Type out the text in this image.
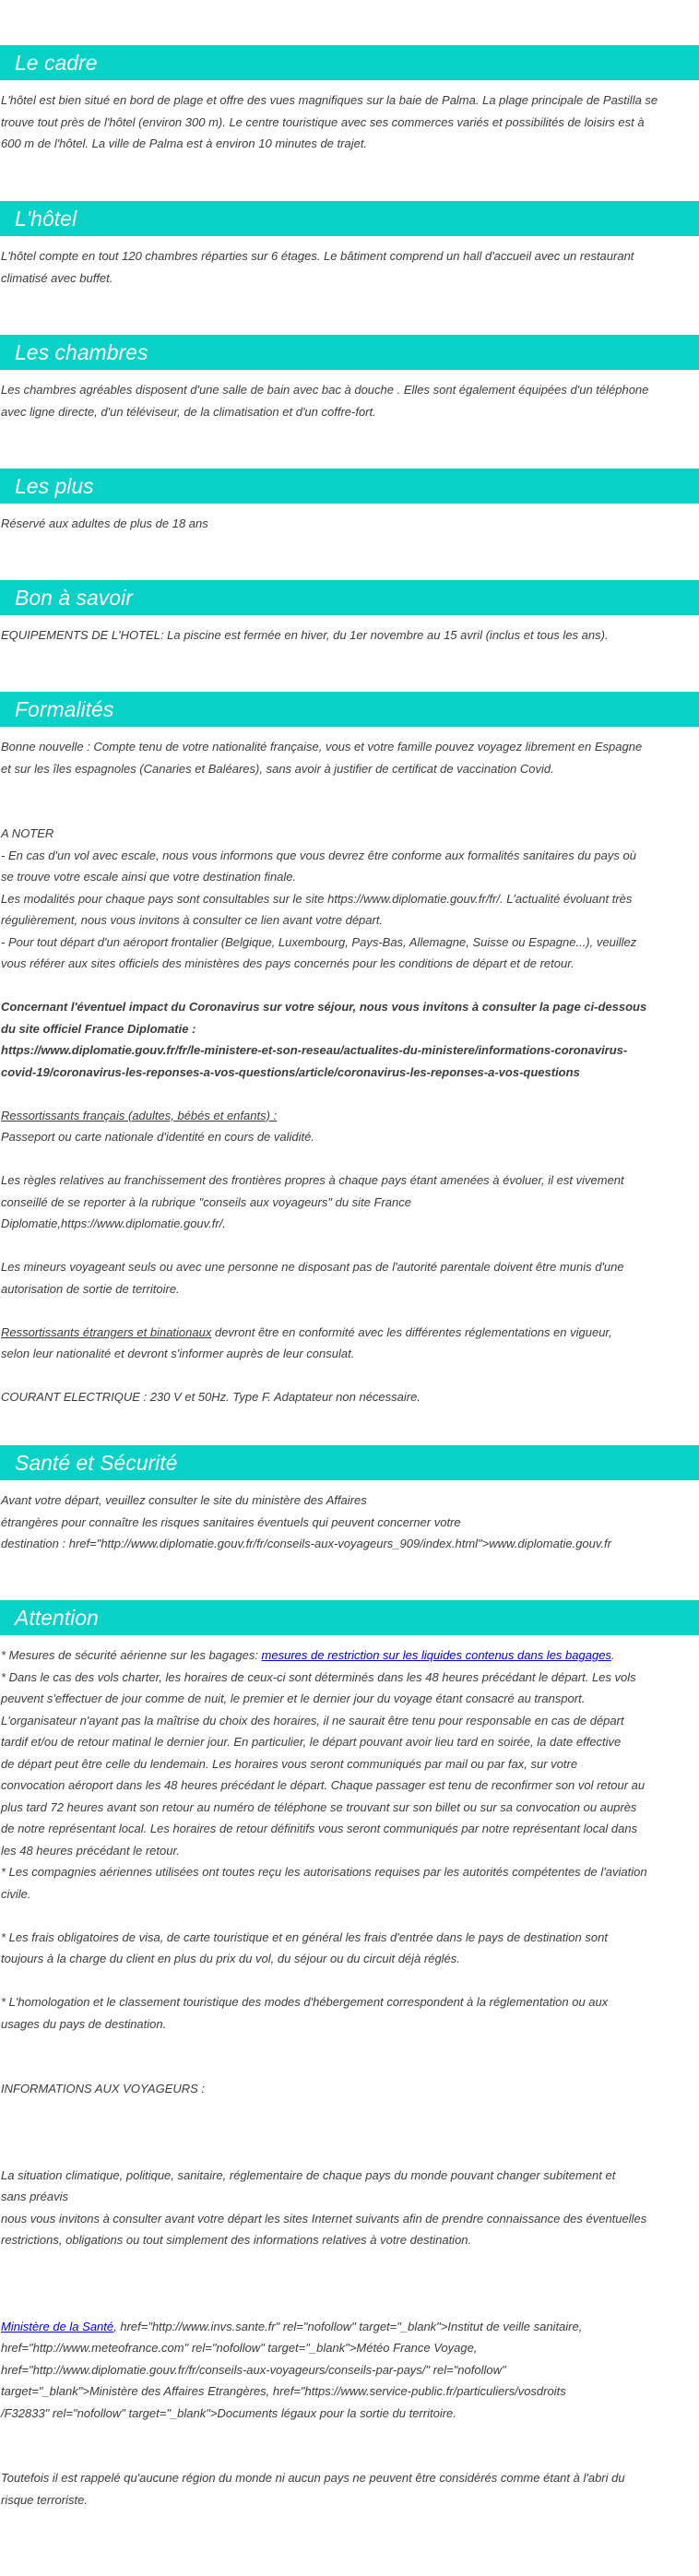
Le cadre

L'hôtel est bien situé en bord de plage et offre des vues magnifiques sur la baie de Palma. La plage principale de Pastilla se

trouve tout près de l'hôtel (environ 300 m). Le centre touristique avec ses commerces variés et possibilités de loisirs est à

600 m de l'hôtel. La ville de Palma est à environ 10 minutes de trajet.

L'hôtel

L'hôtel compte en tout 120 chambres réparties sur 6 étages. Le bâtiment comprend un hall d'accueil avec un restaurant

climatisé avec buffet.

Les chambres

Les chambres agréables disposent d'une salle de bain avec bac à douche . Elles sont également équipées d'un téléphone

avec ligne directe, d'un téléviseur, de la climatisation et d'un coffre-fort.

Les plus

Réservé aux adultes de plus de 18 ans

Bon à savoir

EQUIPEMENTS DE L'HOTEL: La piscine est fermée en hiver, du 1er novembre au 15 avril (inclus et tous les ans).

Formalités

Bonne nouvelle : Compte tenu de votre nationalité française, vous et votre famille pouvez voyagez librement en Espagne

et sur les îles espagnoles (Canaries et Baléares), sans avoir à justifier de certificat de vaccination Covid.

A NOTER

- En cas d'un vol avec escale, nous vous informons que vous devrez être conforme aux formalités sanitaires du pays où

se trouve votre escale ainsi que votre destination finale.

Les modalités pour chaque pays sont consultables sur le site https://www.diplomatie.gouv.fr/fr/. L'actualité évoluant très

régulièrement, nous vous invitons à consulter ce lien avant votre départ.

- Pour tout départ d'un aéroport frontalier (Belgique, Luxembourg, Pays-Bas, Allemagne, Suisse ou Espagne...), veuillez

vous référer aux sites officiels des ministères des pays concernés pour les conditions de départ et de retour.

Concernant l'éventuel impact du Coronavirus sur votre séjour, nous vous invitons à consulter la page ci-dessous

du site officiel France Diplomatie :

https://www.diplomatie.gouv.fr/fr/le-ministere-et-son-reseau/actualites-du-ministere/informations-coronavirus-

covid-19/coronavirus-les-reponses-a-vos-questions/article/coronavirus-les-reponses-a-vos-questions

Ressortissants français (adultes, bébés et enfants) :

Passeport ou carte nationale d'identité en cours de validité.

Les règles relatives au franchissement des frontières propres à chaque pays étant amenées à évoluer, il est vivement

conseillé de se reporter à la rubrique "conseils aux voyageurs" du site France

Diplomatie,https://www.diplomatie.gouv.fr/.

Les mineurs voyageant seuls ou avec une personne ne disposant pas de l'autorité parentale doivent être munis d'une

autorisation de sortie de territoire.

Ressortissants étrangers et binationaux devront être en conformité avec les différentes réglementations en vigueur,

selon leur nationalité et devront s'informer auprès de leur consulat.

COURANT ELECTRIQUE : 230 V et 50Hz. Type F. Adaptateur non nécessaire.

Santé et Sécurité

Avant votre départ, veuillez consulter le site du ministère des Affaires

étrangères pour connaître les risques sanitaires éventuels qui peuvent concerner votre

destination : href="http://www.diplomatie.gouv.fr/fr/conseils-aux-voyageurs_909/index.html">www.diplomatie.gouv.fr

Attention

* Mesures de sécurité aérienne sur les bagages: mesures de restriction sur les liquides contenus dans les bagages.

* Dans le cas des vols charter, les horaires de ceux-ci sont déterminés dans les 48 heures précédant le départ. Les vols

peuvent s'effectuer de jour comme de nuit, le premier et le dernier jour du voyage étant consacré au transport.

L'organisateur n'ayant pas la maîtrise du choix des horaires, il ne saurait être tenu pour responsable en cas de départ

tardif et/ou de retour matinal le dernier jour. En particulier, le départ pouvant avoir lieu tard en soirée, la date effective

de départ peut être celle du lendemain. Les horaires vous seront communiqués par mail ou par fax, sur votre

convocation aéroport dans les 48 heures précédant le départ. Chaque passager est tenu de reconfirmer son vol retour au

plus tard 72 heures avant son retour au numéro de téléphone se trouvant sur son billet ou sur sa convocation ou auprès

de notre représentant local. Les horaires de retour définitifs vous seront communiqués par notre représentant local dans

les 48 heures précédant le retour.

* Les compagnies aériennes utilisées ont toutes reçu les autorisations requises par les autorités compétentes de l'aviation

civile.

* Les frais obligatoires de visa, de carte touristique et en général les frais d'entrée dans le pays de destination sont

toujours à la charge du client en plus du prix du vol, du séjour ou du circuit déjà réglés.

* L'homologation et le classement touristique des modes d'hébergement correspondent à la réglementation ou aux

usages du pays de destination.

INFORMATIONS AUX VOYAGEURS :

La situation climatique, politique, sanitaire, réglementaire de chaque pays du monde pouvant changer subitement et

sans préavis

nous vous invitons à consulter avant votre départ les sites Internet suivants afin de prendre connaissance des éventuelles

restrictions, obligations ou tout simplement des informations relatives à votre destination.

Ministère de la Santé, href="http://www.invs.sante.fr" rel="nofollow" target="_blank">Institut de veille sanitaire,

href="http://www.meteofrance.com" rel="nofollow" target="_blank">Météo France Voyage,

href="http://www.diplomatie.gouv.fr/fr/conseils-aux-voyageurs/conseils-par-pays/" rel="nofollow"

target="_blank">Ministère des Affaires Etrangères, href="https://www.service-public.fr/particuliers/vosdroits

/F32833" rel="nofollow" target="_blank">Documents légaux pour la sortie du territoire.

Toutefois il est rappelé qu'aucune région du monde ni aucun pays ne peuvent être considérés comme étant à l'abri du

risque terroriste.
